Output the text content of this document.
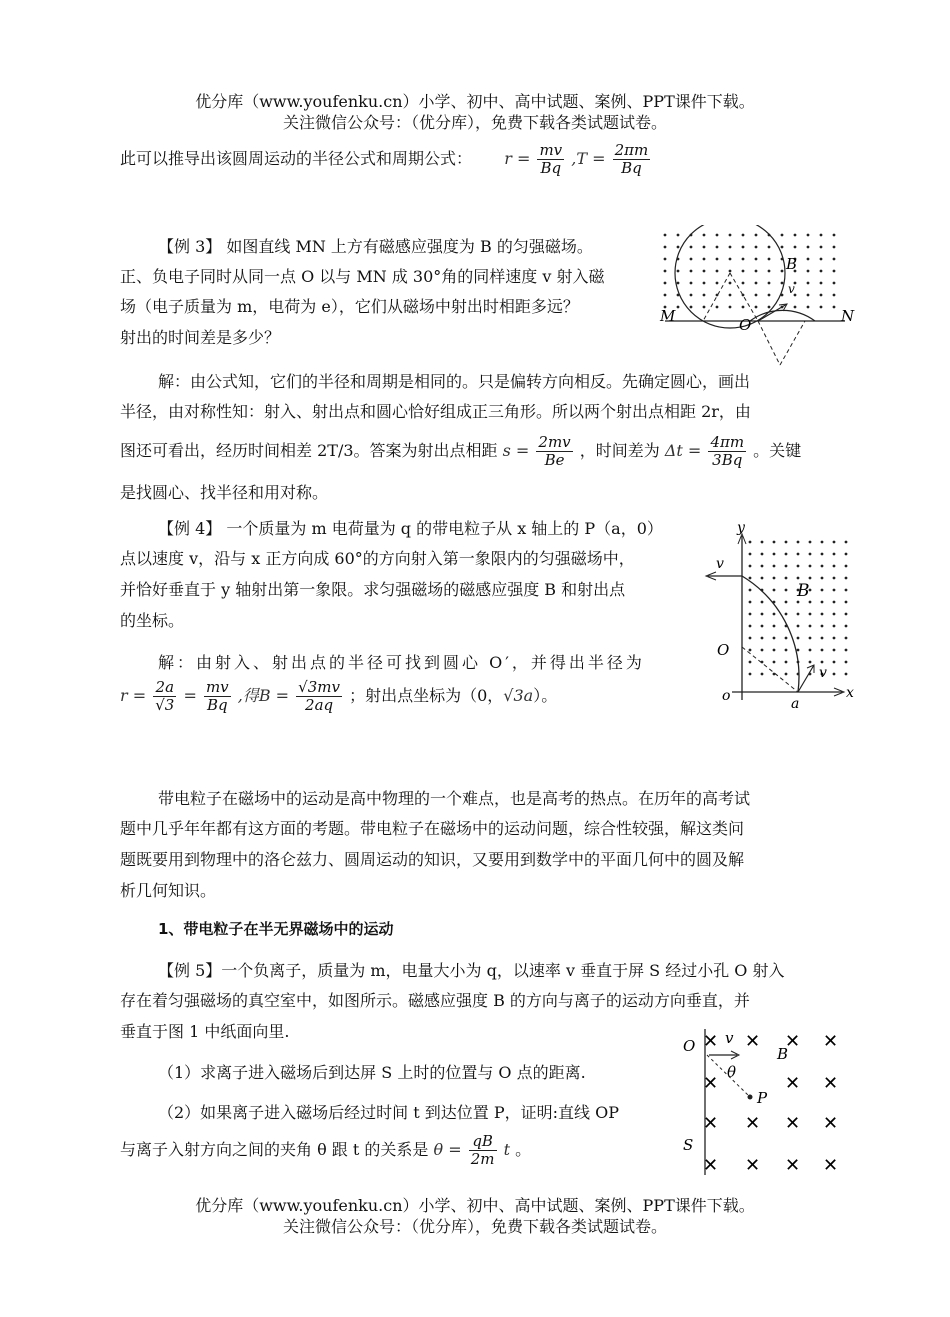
优分库（www.youfenku.cn）小学、初中、高中试题、案例、PPT课件下载。
关注微信公众号：（优分库），免费下载各类试题试卷。
此可以推导出该圆周运动的半径公式和周期公式： $r = \frac{mv}{Bq} ,T = \frac{2\pi m}{Bq}$
【例 3】 如图直线 MN 上方有磁感应强度为 B 的匀强磁场。
正、负电子同时从同一点 O 以与 MN 成 30°角的同样速度 v 射入磁
场（电子质量为 m，电荷为 e），它们从磁场中射出时相距多远？
射出的时间差是多少？
M	N
O
B
v
解：由公式知，它们的半径和周期是相同的。只是偏转方向相反。先确定圆心，画出
半径，由对称性知：射入、射出点和圆心恰好组成正三角形。所以两个射出点相距 2r，由
图还可看出，经历时间相差 2T/3。答案为射出点相距 $s = \frac{2mv}{Be}$ ，时间差为 $\Delta t = \frac{4\pi m}{3Bq}$ 。关键
是找圆心、找半径和用对称。
【例 4】 一个质量为 m 电荷量为 q 的带电粒子从 x 轴上的 P（a，0）
点以速度 v，沿与 x 正方向成 60°的方向射入第一象限内的匀强磁场中，
并恰好垂直于 y 轴射出第一象限。求匀强磁场的磁感应强度 B 和射出点
的坐标。
解：由射入、射出点的半径可找到圆心 O′，并得出半径为
$r = \frac{2a}{√3} = \frac{mv}{Bq}$ ,得$B = \frac{√3mv}{2aq}$ ；射出点坐标为（0，√3a）。
y
x
o	a
O
B
v
v
带电粒子在磁场中的运动是高中物理的一个难点，也是高考的热点。在历年的高考试
题中几乎年年都有这方面的考题。带电粒子在磁场中的运动问题，综合性较强，解这类问
题既要用到物理中的洛仑兹力、圆周运动的知识，又要用到数学中的平面几何中的圆及解
析几何知识。
1、带电粒子在半无界磁场中的运动
【例 5】一个负离子，质量为 m，电量大小为 q，以速率 v 垂直于屏 S 经过小孔 O 射入
存在着匀强磁场的真空室中，如图所示。磁感应强度 B 的方向与离子的运动方向垂直，并
垂直于图 1 中纸面向里.
（1）求离子进入磁场后到达屏 S 上时的位置与 O 点的距离.
（2）如果离子进入磁场后经过时间 t 到达位置 P，证明:直线 OP
与离子入射方向之间的夹角 θ 跟 t 的关系是 $\theta = \frac{qB}{2m}$ t 。
✕ ✕ ✕ ✕
✕	✕ ✕
✕ ✕ ✕ ✕
✕ ✕ ✕ ✕
O v
B
θ
P
S
优分库（www.youfenku.cn）小学、初中、高中试题、案例、PPT课件下载。
关注微信公众号：（优分库），免费下载各类试题试卷。
